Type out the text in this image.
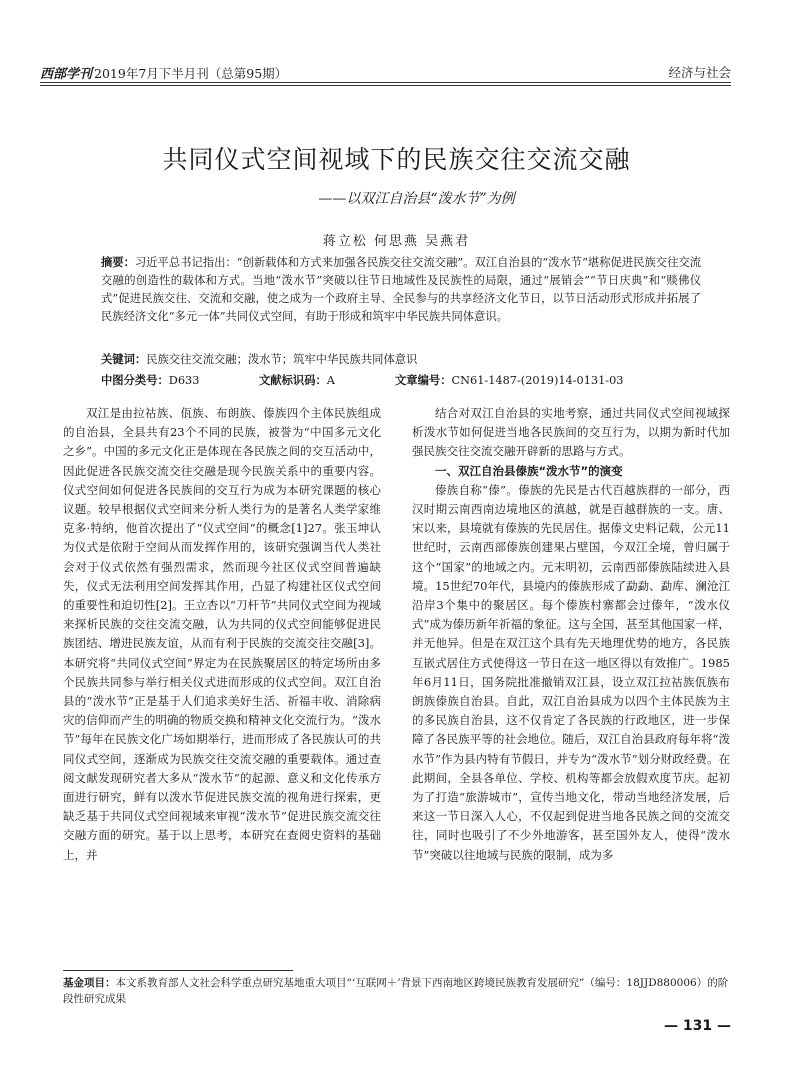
西部学刊 2019年7月下半月刊（总第95期）	经济与社会
共同仪式空间视域下的民族交往交流交融
——以双江自治县“泼水节”为例
蒋立松 何思燕 吴燕君
摘要：习近平总书记指出：“创新载体和方式来加强各民族交往交流交融”。双江自治县的“泼水节”堪称促进民族交往交流交融的创造性的载体和方式。当地“泼水节”突破以往节日地域性及民族性的局限，通过“展销会”“节日庆典”和“赕佛仪式”促进民族交往、交流和交融，使之成为一个政府主导、全民参与的共享经济文化节日，以节日活动形式形成并拓展了民族经济文化“多元一体”共同仪式空间，有助于形成和筑牢中华民族共同体意识。
关键词：民族交往交流交融；泼水节；筑牢中华民族共同体意识
中图分类号：D633	文献标识码：A	文章编号：CN61-1487-(2019)14-0131-03

双江是由拉祜族、佤族、布朗族、傣族四个主体民族组成的自治县，全县共有23个不同的民族，被誉为“中国多元文化之乡”。中国的多元文化正是体现在各民族之间的交互活动中，因此促进各民族交流交往交融是现今民族关系中的重要内容。仪式空间如何促进各民族间的交互行为成为本研究课题的核心议题。较早根据仪式空间来分析人类行为的是著名人类学家维克多·特纳，他首次提出了“仪式空间”的概念[1]27。张玉坤认为仪式是依附于空间从而发挥作用的，该研究强调当代人类社会对于仪式依然有强烈需求，然而现今社区仪式空间普遍缺失，仪式无法利用空间发挥其作用，凸显了构建社区仪式空间的重要性和迫切性[2]。王立杏以“刀杆节”共同仪式空间为视域来探析民族的交往交流交融，认为共同的仪式空间能够促进民族团结、增进民族友谊，从而有利于民族的交流交往交融[3]。本研究将“共同仪式空间”界定为在民族聚居区的特定场所由多个民族共同参与举行相关仪式进而形成的仪式空间。双江自治县的“泼水节”正是基于人们追求美好生活、祈福丰收、消除病灾的信仰而产生的明确的物质交换和精神文化交流行为。“泼水节”每年在民族文化广场如期举行，进而形成了各民族认可的共同仪式空间，逐渐成为民族交往交流交融的重要载体。通过查阅文献发现研究者大多从“泼水节”的起源、意义和文化传承方面进行研究，鲜有以泼水节促进民族交流的视角进行探索，更缺乏基于共同仪式空间视域来审视“泼水节”促进民族交流交往交融方面的研究。基于以上思考，本研究在查阅史资料的基础上，并

结合对双江自治县的实地考察，通过共同仪式空间视域探析泼水节如何促进当地各民族间的交互行为，以期为新时代加强民族交往交流交融开辟新的思路与方式。

一、双江自治县傣族“泼水节”的演变

傣族自称“傣”。傣族的先民是古代百越族群的一部分，西汉时期云南西南边境地区的滇越，就是百越群族的一支。唐、宋以来，县境就有傣族的先民居住。据傣文史料记载，公元11世纪时，云南西部傣族创建果占壁国，今双江全境，曾归属于这个“国家”的地域之内。元末明初，云南西部傣族陆续进入县境。15世纪70年代，县境内的傣族形成了勐勐、勐库、澜沧江沿岸3个集中的聚居区。每个傣族村寨都会过傣年，“泼水仪式”成为傣历新年祈福的象征。这与全国，甚至其他国家一样，并无他异。但是在双江这个具有先天地理优势的地方，各民族互嵌式居住方式使得这一节日在这一地区得以有效推广。1985年6月11日，国务院批准撤销双江县，设立双江拉祜族佤族布朗族傣族自治县。自此，双江自治县成为以四个主体民族为主的多民族自治县，这不仅肯定了各民族的行政地区，进一步保障了各民族平等的社会地位。随后，双江自治县政府每年将“泼水节”作为县内特有节假日，并专为“泼水节”划分财政经费。在此期间，全县各单位、学校、机构等都会放假欢度节庆。起初为了打造“旅游城市”，宣传当地文化，带动当地经济发展，后来这一节日深入人心，不仅起到促进当地各民族之间的交流交往，同时也吸引了不少外地游客，甚至国外友人，使得“泼水节”突破以往地域与民族的限制，成为多

基金项目：本文系教育部人文社会科学重点研究基地重大项目“‘互联网＋’背景下西南地区跨境民族教育发展研究”（编号：18JJD880006）的阶段性研究成果
— 131 —
